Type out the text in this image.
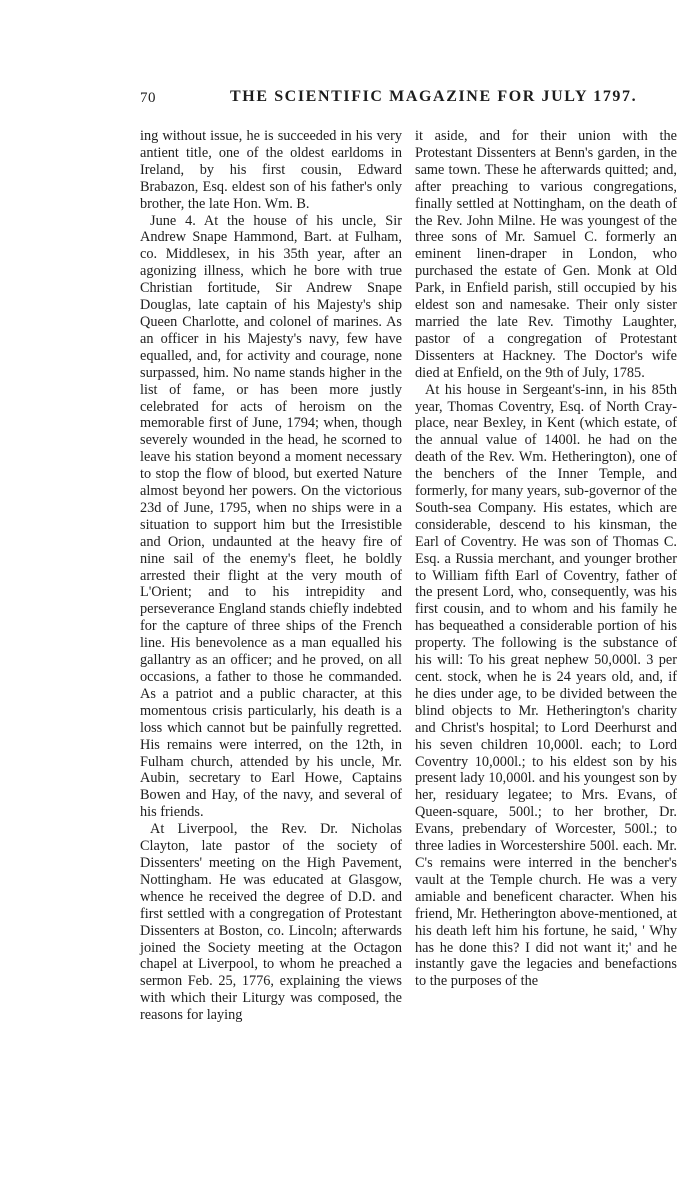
70	THE SCIENTIFIC MAGAZINE FOR JULY 1797.

ing without issue, he is succeeded in his very antient title, one of the oldest earldoms in Ireland, by his first cousin, Edward Brabazon, Esq. eldest son of his father's only brother, the late Hon. Wm. B.

June 4. At the house of his uncle, Sir Andrew Snape Hammond, Bart. at Fulham, co. Middlesex, in his 35th year, after an agonizing illness, which he bore with true Christian fortitude, Sir Andrew Snape Douglas, late captain of his Majesty's ship Queen Charlotte, and colonel of marines. As an officer in his Majesty's navy, few have equalled, and, for activity and courage, none surpassed, him. No name stands higher in the list of fame, or has been more justly celebrated for acts of heroism on the memorable first of June, 1794; when, though severely wounded in the head, he scorned to leave his station beyond a moment necessary to stop the flow of blood, but exerted Nature almost beyond her powers. On the victorious 23d of June, 1795, when no ships were in a situation to support him but the Irresistible and Orion, undaunted at the heavy fire of nine sail of the enemy's fleet, he boldly arrested their flight at the very mouth of L'Orient; and to his intrepidity and perseverance England stands chiefly indebted for the capture of three ships of the French line. His benevolence as a man equalled his gallantry as an officer; and he proved, on all occasions, a father to those he commanded. As a patriot and a public character, at this momentous crisis particularly, his death is a loss which cannot but be painfully regretted. His remains were interred, on the 12th, in Fulham church, attended by his uncle, Mr. Aubin, secretary to Earl Howe, Captains Bowen and Hay, of the navy, and several of his friends.

At Liverpool, the Rev. Dr. Nicholas Clayton, late pastor of the society of Dissenters' meeting on the High Pavement, Nottingham. He was educated at Glasgow, whence he received the degree of D.D. and first settled with a congregation of Protestant Dissenters at Boston, co. Lincoln; afterwards joined the Society meeting at the Octagon chapel at Liverpool, to whom he preached a sermon Feb. 25, 1776, explaining the views with which their Liturgy was composed, the reasons for laying

it aside, and for their union with the Protestant Dissenters at Benn's garden, in the same town. These he afterwards quitted; and, after preaching to various congregations, finally settled at Nottingham, on the death of the Rev. John Milne. He was youngest of the three sons of Mr. Samuel C. formerly an eminent linen-draper in London, who purchased the estate of Gen. Monk at Old Park, in Enfield parish, still occupied by his eldest son and namesake. Their only sister married the late Rev. Timothy Laughter, pastor of a congregation of Protestant Dissenters at Hackney. The Doctor's wife died at Enfield, on the 9th of July, 1785.

At his house in Sergeant's-inn, in his 85th year, Thomas Coventry, Esq. of North Cray-place, near Bexley, in Kent (which estate, of the annual value of 1400l. he had on the death of the Rev. Wm. Hetherington), one of the benchers of the Inner Temple, and formerly, for many years, sub-governor of the South-sea Company. His estates, which are considerable, descend to his kinsman, the Earl of Coventry. He was son of Thomas C. Esq. a Russia merchant, and younger brother to William fifth Earl of Coventry, father of the present Lord, who, consequently, was his first cousin, and to whom and his family he has bequeathed a considerable portion of his property. The following is the substance of his will: To his great nephew 50,000l. 3 per cent. stock, when he is 24 years old, and, if he dies under age, to be divided between the blind objects to Mr. Hetherington's charity and Christ's hospital; to Lord Deerhurst and his seven children 10,000l. each; to Lord Coventry 10,000l.; to his eldest son by his present lady 10,000l. and his youngest son by her, residuary legatee; to Mrs. Evans, of Queen-square, 500l.; to her brother, Dr. Evans, prebendary of Worcester, 500l.; to three ladies in Worcestershire 500l. each. Mr. C's remains were interred in the bencher's vault at the Temple church. He was a very amiable and beneficent character. When his friend, Mr. Hetherington above-mentioned, at his death left him his fortune, he said, ' Why has he done this? I did not want it;' and he instantly gave the legacies and benefactions to the purposes of the
